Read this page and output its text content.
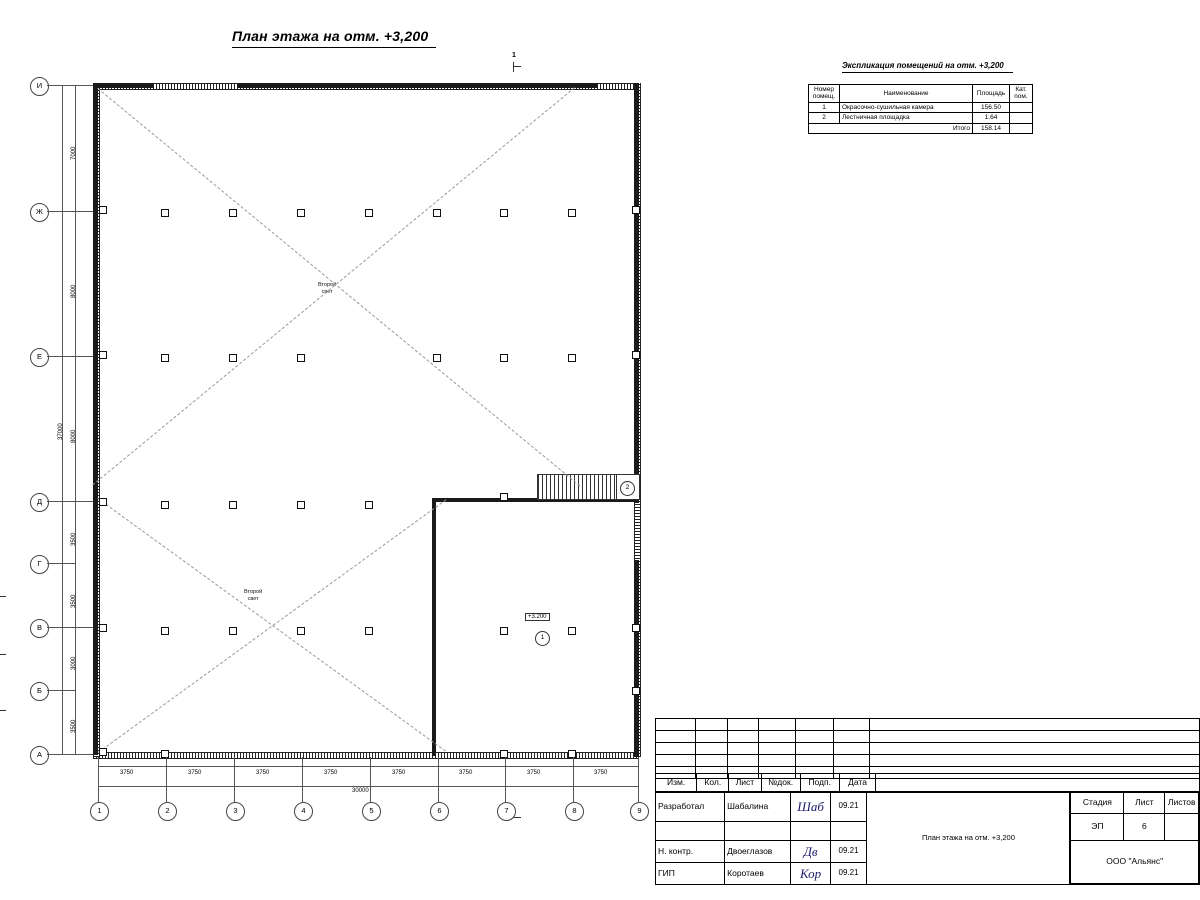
План этажа на отм. +3,200
Экспликация помещений на отм. +3,200
Номер
помещ.	Наименование	Площадь	Кат.
пом.
1	Окрасочно-сушильная камера	156.50	
2	Лестничная площадка	1.64	
Итого		158.14	
1
2
+3.200
1
Второй
свет
Второй
свет
И
Ж
Е
Д
Г
В
Б
А
7000
8000
8000
3500
3500
3000
3500
37000
1	2	3	4	5	6	7	8	9
3750	3750	3750	3750	3750	3750	3750	3750
30000

Изм.	Кол.	Лист	№док.	Подп.	Дата	
Разработал	Шабалина	Шаб	09.21	
План этажа на отм. +3,200

Стадия	Лист	Листов
ЭП	6	
ООО "Альянс"

Н. контр.	Двоеглазов	Дв	09.21
ГИП	Коротаев	Кор	09.21
